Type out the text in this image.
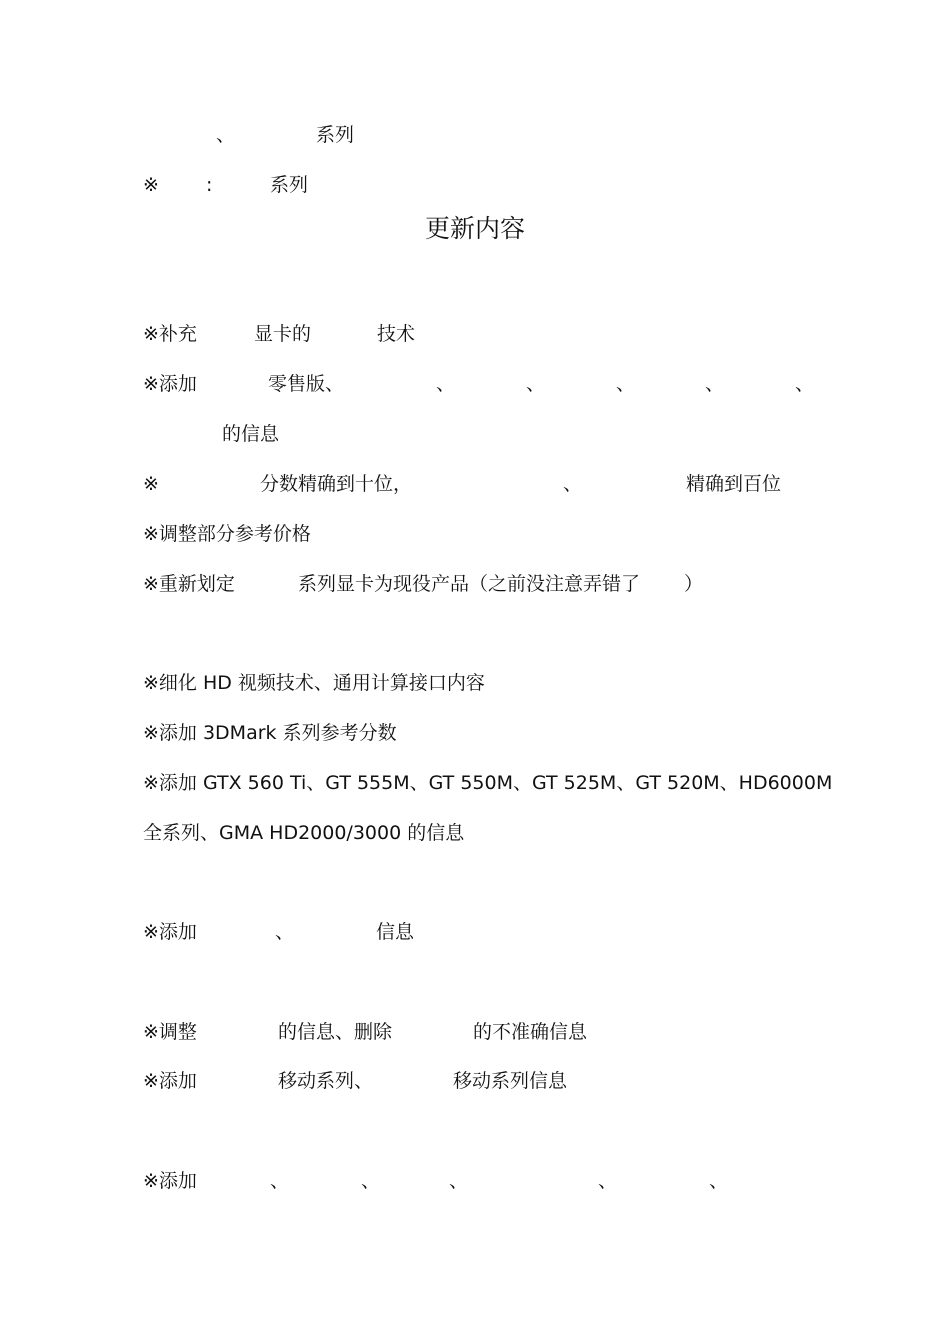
、	系列
※ :	系列
更新内容
※补充	显卡的	技术
※添加	零售版、	、	、	、	、	、
的信息
※	分数精确到十位，	、	精确到百位
※调整部分参考价格
※重新划定	系列显卡为现役产品（之前没注意弄错了 ）
※细化 HD 视频技术、通用计算接口内容
※添加 3DMark 系列参考分数
※添加 GTX 560 Ti、GT 555M、GT 550M、GT 525M、GT 520M、HD6000M
全系列、GMA HD2000/3000 的信息
※添加	、	信息
※调整	的信息、删除	的不准确信息
※添加	移动系列、	移动系列信息
※添加	、	、	、	、	、
